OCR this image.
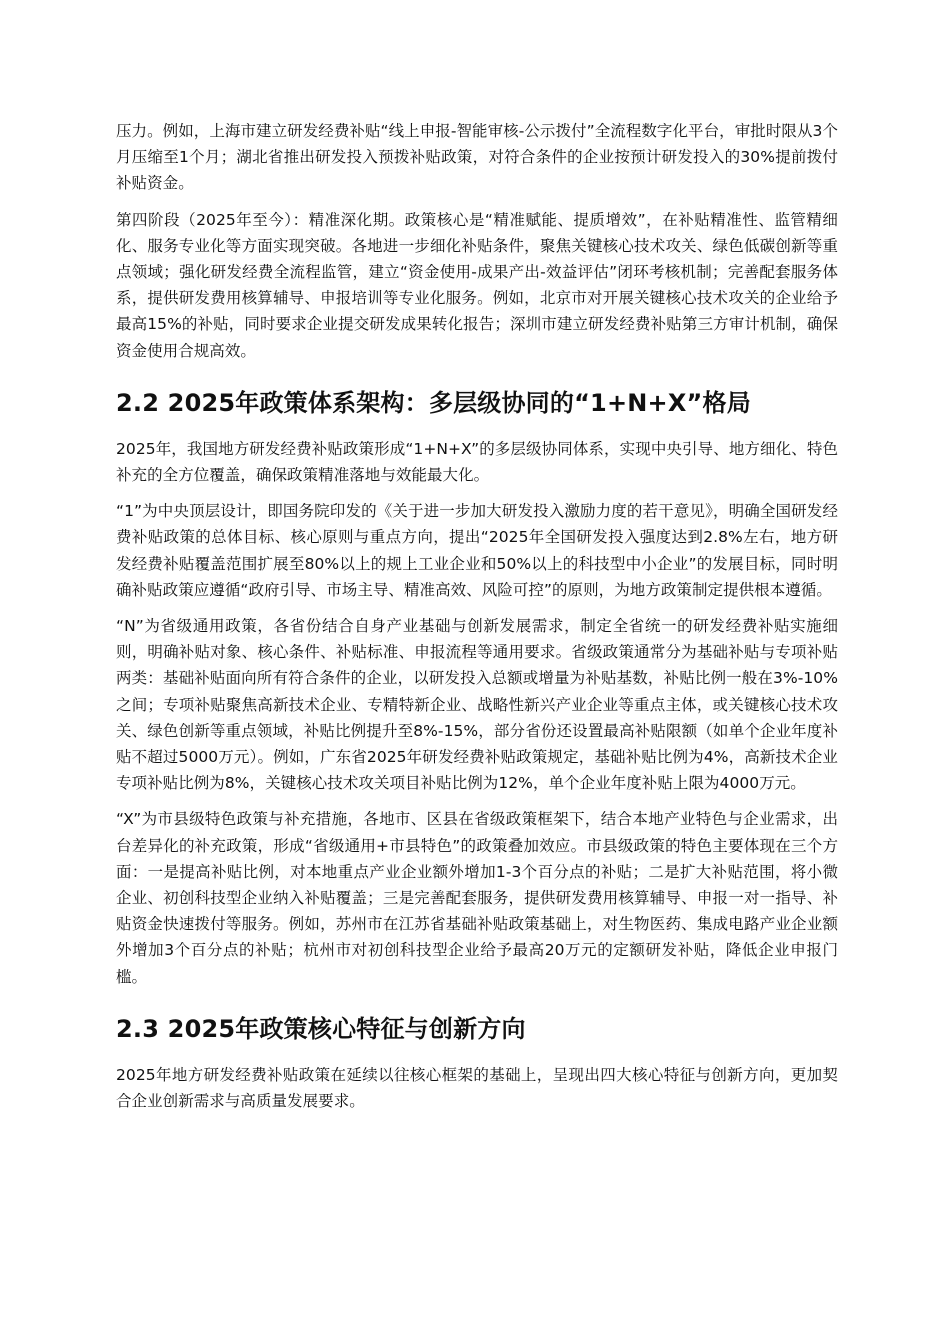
压力。例如，上海市建立研发经费补贴“线上申报-智能审核-公示拨付”全流程数字化平台，审批时限从3个月压缩至1个月；湖北省推出研发投入预拨补贴政策，对符合条件的企业按预计研发投入的30%提前拨付补贴资金。

第四阶段（2025年至今）：精准深化期。政策核心是“精准赋能、提质增效”，在补贴精准性、监管精细化、服务专业化等方面实现突破。各地进一步细化补贴条件，聚焦关键核心技术攻关、绿色低碳创新等重点领域；强化研发经费全流程监管，建立“资金使用-成果产出-效益评估”闭环考核机制；完善配套服务体系，提供研发费用核算辅导、申报培训等专业化服务。例如，北京市对开展关键核心技术攻关的企业给予最高15%的补贴，同时要求企业提交研发成果转化报告；深圳市建立研发经费补贴第三方审计机制，确保资金使用合规高效。

2.2 2025年政策体系架构：多层级协同的“1+N+X”格局

2025年，我国地方研发经费补贴政策形成“1+N+X”的多层级协同体系，实现中央引导、地方细化、特色补充的全方位覆盖，确保政策精准落地与效能最大化。

“1”为中央顶层设计，即国务院印发的《关于进一步加大研发投入激励力度的若干意见》，明确全国研发经费补贴政策的总体目标、核心原则与重点方向，提出“2025年全国研发投入强度达到2.8%左右，地方研发经费补贴覆盖范围扩展至80%以上的规上工业企业和50%以上的科技型中小企业”的发展目标，同时明确补贴政策应遵循“政府引导、市场主导、精准高效、风险可控”的原则，为地方政策制定提供根本遵循。

“N”为省级通用政策，各省份结合自身产业基础与创新发展需求，制定全省统一的研发经费补贴实施细则，明确补贴对象、核心条件、补贴标准、申报流程等通用要求。省级政策通常分为基础补贴与专项补贴两类：基础补贴面向所有符合条件的企业，以研发投入总额或增量为补贴基数，补贴比例一般在3%-10%之间；专项补贴聚焦高新技术企业、专精特新企业、战略性新兴产业企业等重点主体，或关键核心技术攻关、绿色创新等重点领域，补贴比例提升至8%-15%，部分省份还设置最高补贴限额（如单个企业年度补贴不超过5000万元）。例如，广东省2025年研发经费补贴政策规定，基础补贴比例为4%，高新技术企业专项补贴比例为8%，关键核心技术攻关项目补贴比例为12%，单个企业年度补贴上限为4000万元。

“X”为市县级特色政策与补充措施，各地市、区县在省级政策框架下，结合本地产业特色与企业需求，出台差异化的补充政策，形成“省级通用+市县特色”的政策叠加效应。市县级政策的特色主要体现在三个方面：一是提高补贴比例，对本地重点产业企业额外增加1-3个百分点的补贴；二是扩大补贴范围，将小微企业、初创科技型企业纳入补贴覆盖；三是完善配套服务，提供研发费用核算辅导、申报一对一指导、补贴资金快速拨付等服务。例如，苏州市在江苏省基础补贴政策基础上，对生物医药、集成电路产业企业额外增加3个百分点的补贴；杭州市对初创科技型企业给予最高20万元的定额研发补贴，降低企业申报门槛。

2.3 2025年政策核心特征与创新方向

2025年地方研发经费补贴政策在延续以往核心框架的基础上，呈现出四大核心特征与创新方向，更加契合企业创新需求与高质量发展要求。
